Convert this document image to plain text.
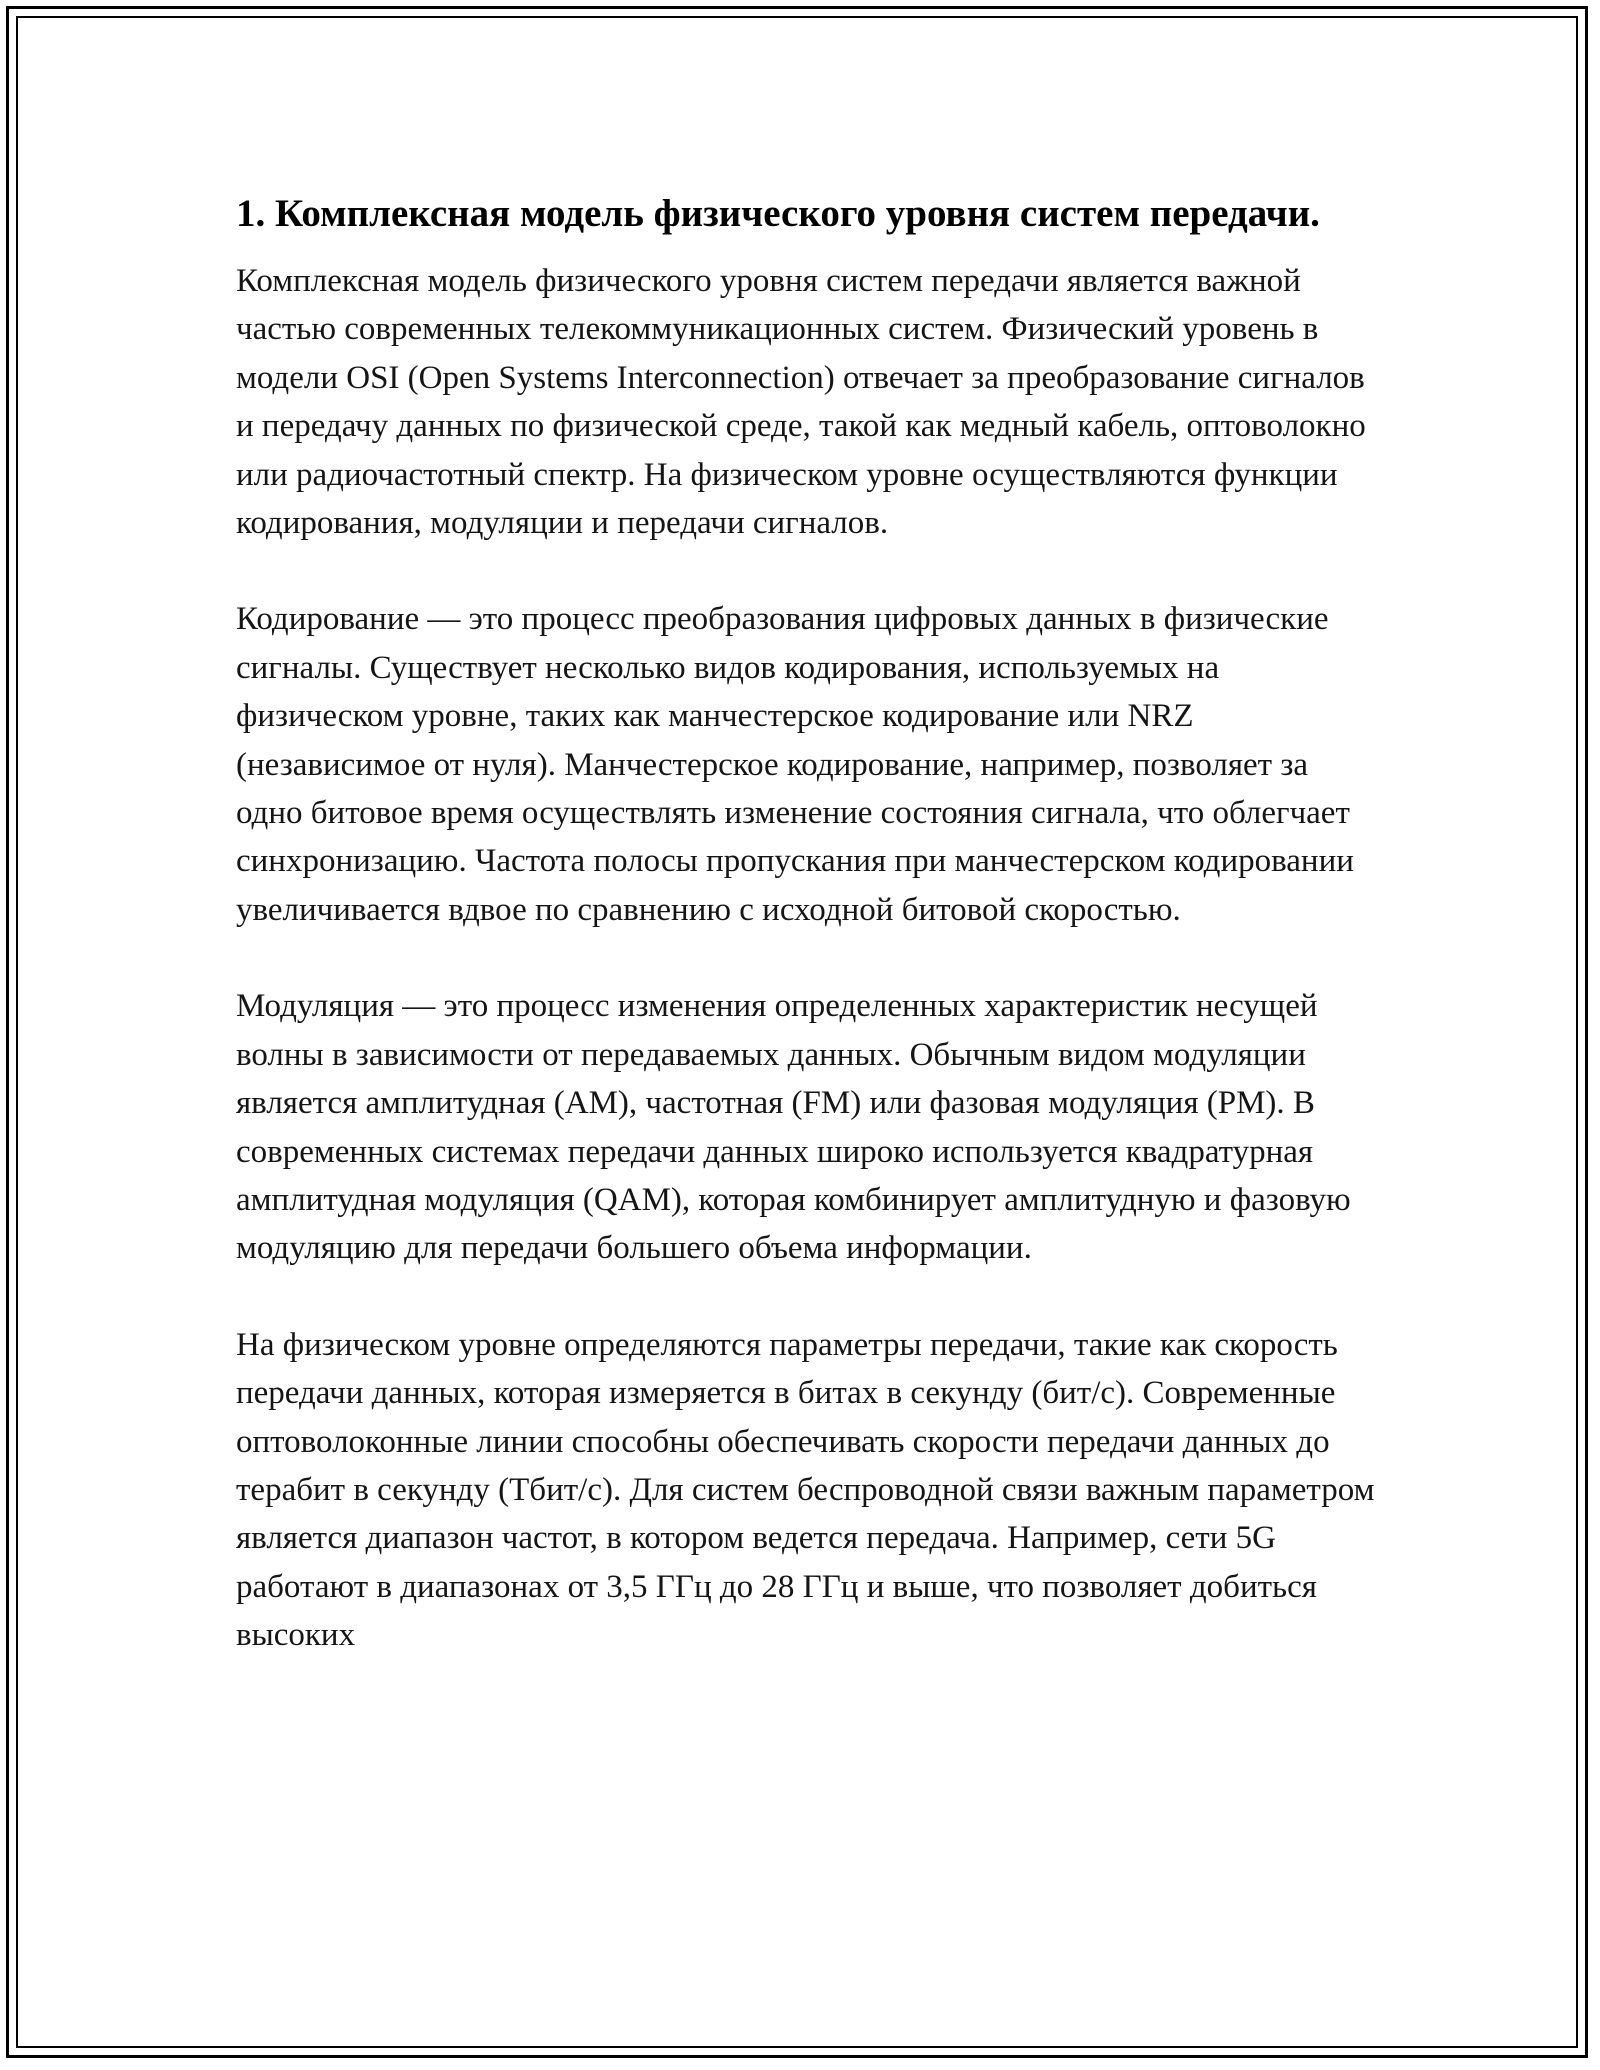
1. Комплексная модель физического уровня систем передачи.

Комплексная модель физического уровня систем передачи является важной частью современных телекоммуникационных систем. Физический уровень в модели OSI (Open Systems Interconnection) отвечает за преобразование сигналов и передачу данных по физической среде, такой как медный кабель, оптоволокно или радиочастотный спектр. На физическом уровне осуществляются функции кодирования, модуляции и передачи сигналов.

Кодирование — это процесс преобразования цифровых данных в физические сигналы. Существует несколько видов кодирования, используемых на физическом уровне, таких как манчестерское кодирование или NRZ (независимое от нуля). Манчестерское кодирование, например, позволяет за одно битовое время осуществлять изменение состояния сигнала, что облегчает синхронизацию. Частота полосы пропускания при манчестерском кодировании увеличивается вдвое по сравнению с исходной битовой скоростью.

Модуляция — это процесс изменения определенных характеристик несущей волны в зависимости от передаваемых данных. Обычным видом модуляции является амплитудная (AM), частотная (FM) или фазовая модуляция (PM). В современных системах передачи данных широко используется квадратурная амплитудная модуляция (QAM), которая комбинирует амплитудную и фазовую модуляцию для передачи большего объема информации.

На физическом уровне определяются параметры передачи, такие как скорость передачи данных, которая измеряется в битах в секунду (бит/с). Современные оптоволоконные линии способны обеспечивать скорости передачи данных до терабит в секунду (Тбит/с). Для систем беспроводной связи важным параметром является диапазон частот, в котором ведется передача. Например, сети 5G работают в диапазонах от 3,5 ГГц до 28 ГГц и выше, что позволяет добиться высоких
